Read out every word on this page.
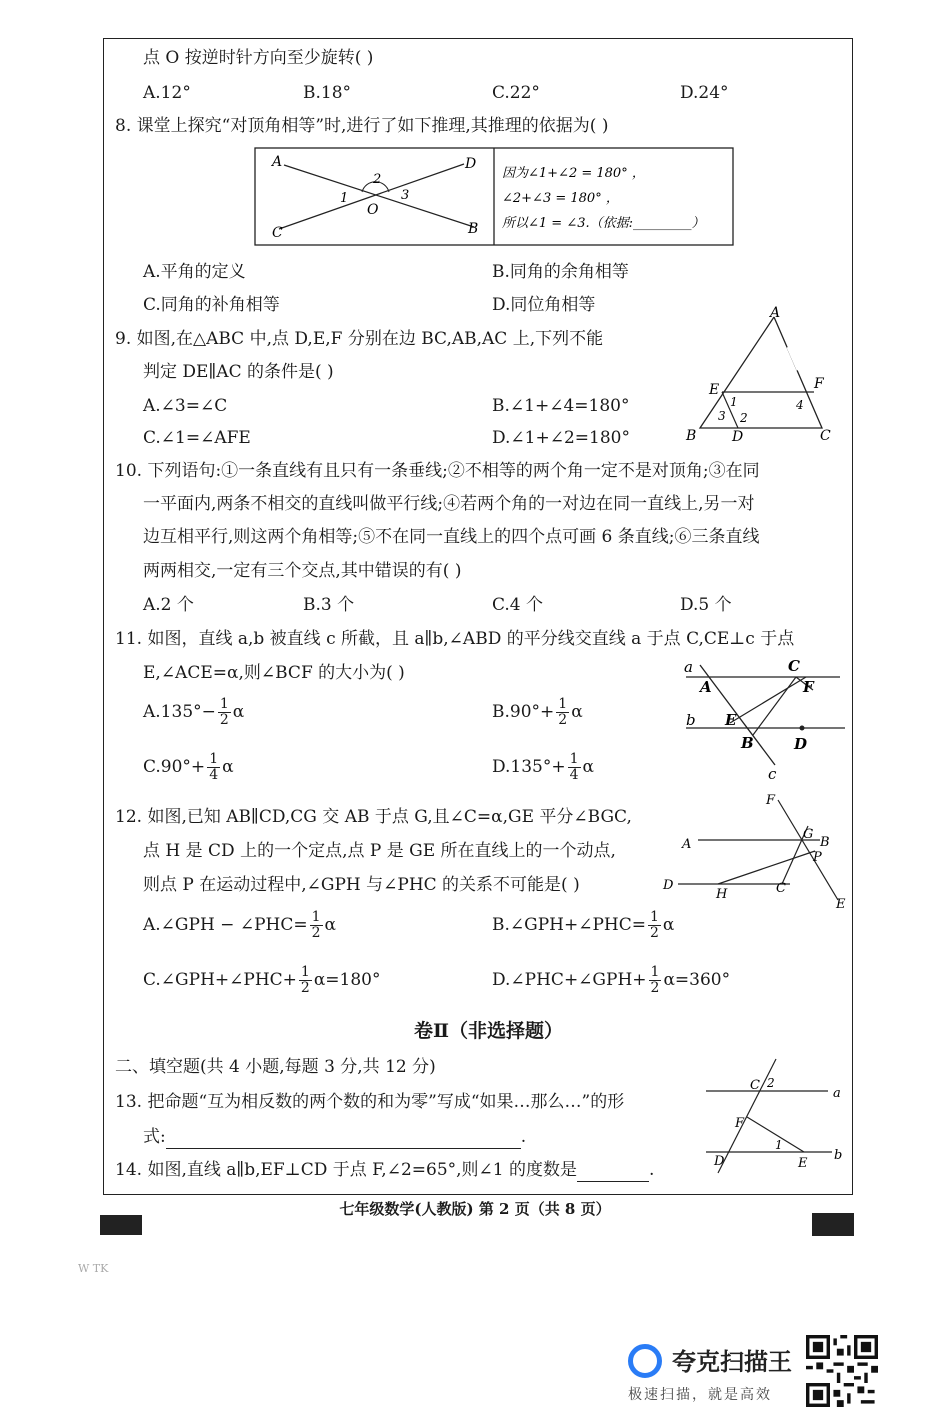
点 O 按逆时针方向至少旋转( )
A.12°	B.18°	C.22°	D.24°
8. 课堂上探究“对顶角相等”时,进行了如下推理,其推理的依据为( )
A	D
C	B
O
2
1	3
因为∠1+∠2 = 180° ，
∠2+∠3 = 180° ，
所以∠1 = ∠3.（依据:_________）
A.平角的定义	B.同角的余角相等
C.同角的补角相等	D.同位角相等
9. 如图,在△ABC 中,点 D,E,F 分别在边 BC,AB,AC 上,下列不能
判定 DE∥AC 的条件是( )
A.∠3=∠C	B.∠1+∠4=180°
C.∠1=∠AFE	D.∠1+∠2=180°
A
E	F
B	D	C
1
2
3
4
10. 下列语句:①一条直线有且只有一条垂线;②不相等的两个角一定不是对顶角;③在同
一平面内,两条不相交的直线叫做平行线;④若两个角的一对边在同一直线上,另一对
边互相平行,则这两个角相等;⑤不在同一直线上的四个点可画 6 条直线;⑥三条直线
两两相交,一定有三个交点,其中错误的有( )
A.2 个	B.3 个	C.4 个	D.5 个
11. 如图，直线 a,b 被直线 c 所截，且 a∥b,∠ABD 的平分线交直线 a 于点 C,CE⊥c 于点
E,∠ACE=α,则∠BCF 的大小为( )
$A.135^\circ- \frac{1}{2}$ α	$B.90^\circ+ \frac{1}{2}$ α
$C.90^\circ+ \frac{1}{4}$ α	$D.135^\circ+ \frac{1}{4}$ α
a	C
A	F
b E
B	D
c
12. 如图,已知 AB∥CD,CG 交 AB 于点 G,且∠C=α,GE 平分∠BGC,
点 H 是 CD 上的一个定点,点 P 是 GE 所在直线上的一个动点,
则点 P 在运动过程中,∠GPH 与∠PHC 的关系不可能是( )
A.∠GPH − ∠PHC= $\frac{1}{2}$ α	B.∠GPH+∠PHC= $\frac{1}{2}$ α
C.∠GPH+∠PHC+ $\frac{1}{2} \alpha=180^\circ$	D.∠PHC+∠GPH+ $\frac{1}{2} \alpha=360^\circ$
F
G
B
A
P
D
H	C
E
卷Ⅱ（非选择题）
二、填空题(共 4 小题,每题 3 分,共 12 分)
13. 把命题“互为相反数的两个数的和为零”写成“如果…那么…”的形
式:	.
14. 如图,直线 a∥b,EF⊥CD 于点 F,∠2=65°,则∠1 的度数是	.
C 2
a
F
1
D	E
b
七年级数学(人教版) 第 2 页（共 8 页）
W TK
夸克扫描王
极速扫描，就是高效
